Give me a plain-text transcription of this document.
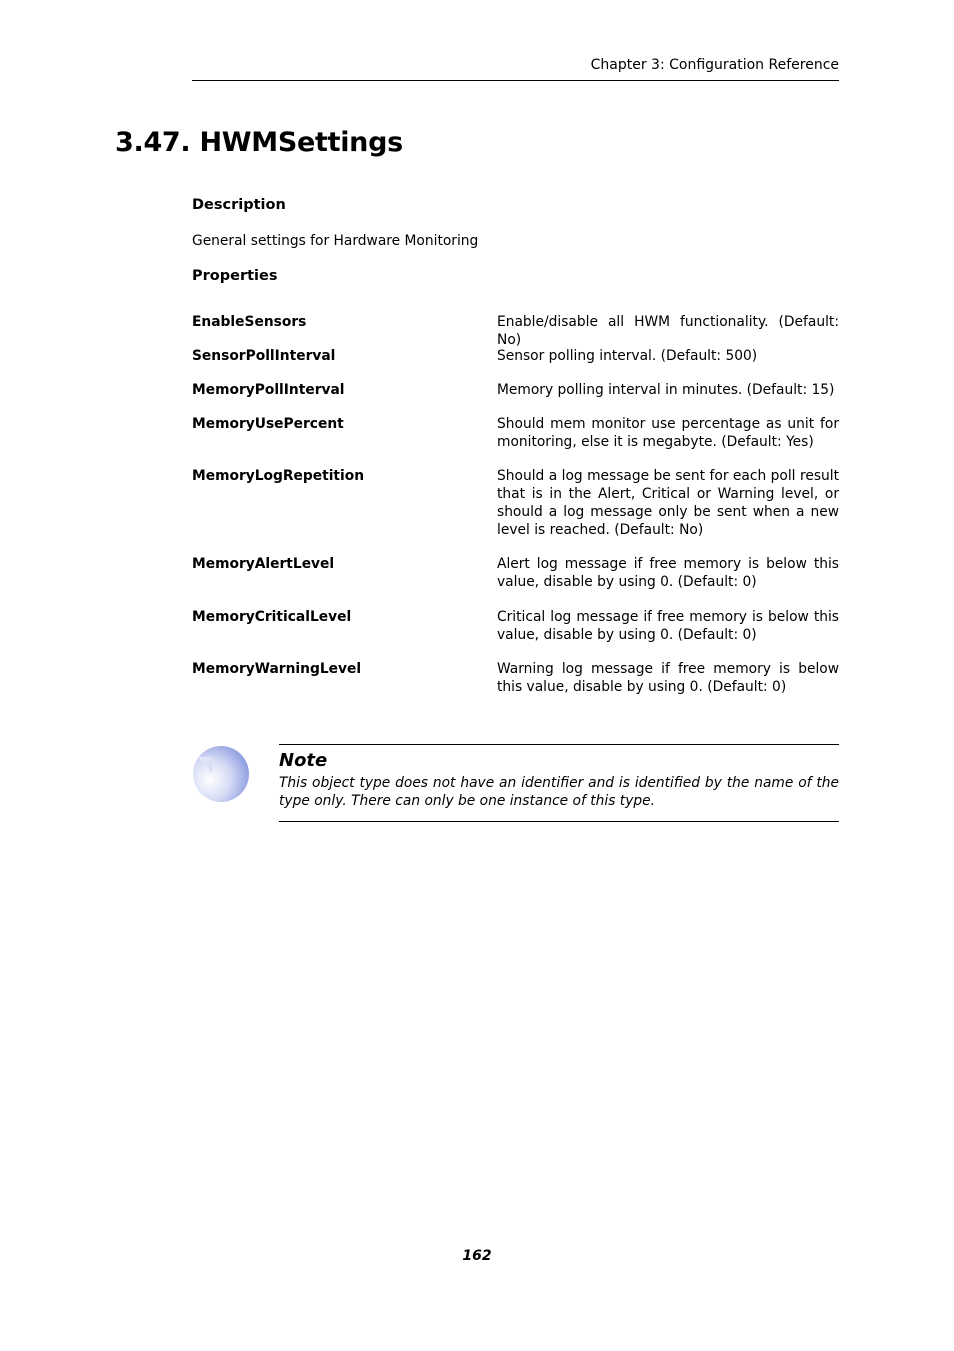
Chapter 3: Configuration Reference
3.47. HWMSettings
Description

General settings for Hardware Monitoring

Properties

EnableSensors	Enable/disable all HWM functionality. (Default: No)

SensorPollInterval	Sensor polling interval. (Default: 500)

MemoryPollInterval	Memory polling interval in minutes. (Default: 15)

MemoryUsePercent	Should mem monitor use percentage as unit for monitoring, else it is megabyte. (Default: Yes)

MemoryLogRepetition	Should a log message be sent for each poll result that is in the Alert, Critical or Warning level, or should a log message only be sent when a new level is reached. (Default: No)

MemoryAlertLevel	Alert log message if free memory is below this value, disable by using 0. (Default: 0)

MemoryCriticalLevel	Critical log message if free memory is below this value, disable by using 0. (Default: 0)

MemoryWarningLevel	Warning log message if free memory is below this value, disable by using 0. (Default: 0)

Note

This object type does not have an identifier and is identified by the name of the type only. There can only be one instance of this type.

162
